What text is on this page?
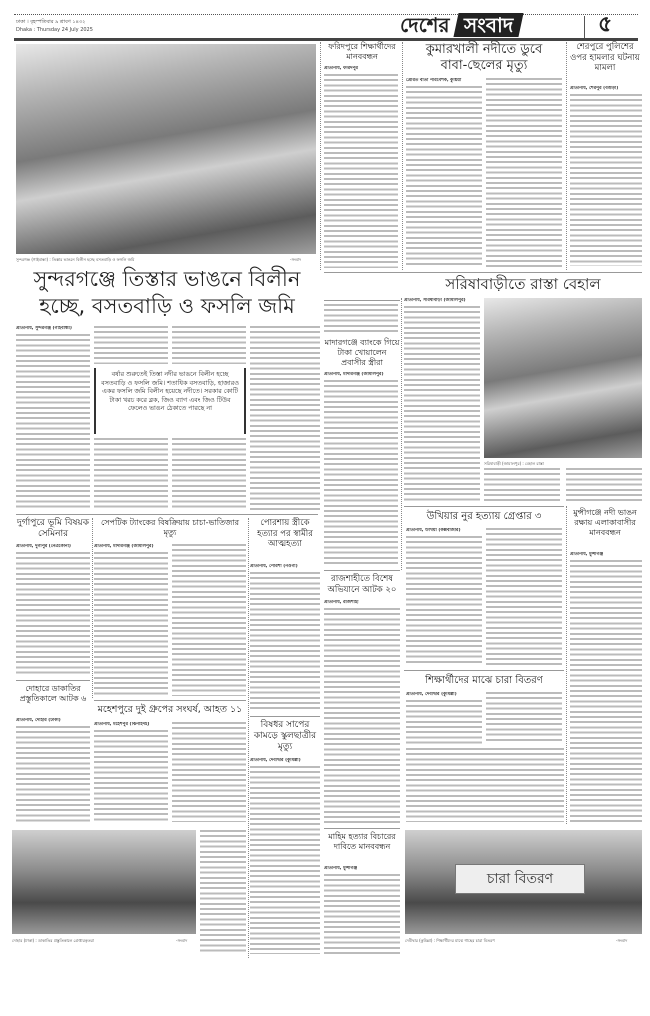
ঢাকা । বৃহস্পতিবার ৯ শ্রাবণ ১৪৩২
Dhaka : Thursday 24 July 2025	দেশের সংবাদ	৫
সুন্দরগঞ্জ (গাইবান্ধা) : তিস্তার ভাঙনে বিলীন হচ্ছে বসতবাড়ি ও ফসলি জমি	-সংবাদ
ফরিদপুরে শিক্ষার্থীদের মানববন্ধন
প্রতিনিধি, ফরিদপুর
কুমারখালী নদীতে ডুবে
বাবা-ছেলের মৃত্যু
প্রেরিত বার্তা পরিবেশক, কুষ্টিয়া
শেরপুরে পুলিশের ওপর হামলার ঘটনায় মামলা
প্রতিনিধি, শেরপুর (বগুড়া)
সুন্দরগঞ্জে তিস্তার ভাঙনে বিলীন
হচ্ছে, বসতবাড়ি ও ফসলি জমি
প্রতিনিধি, সুন্দরগঞ্জ (গাইবান্ধা)
বর্ষার শুরুতেই তিস্তা নদীর ভাঙনে বিলীন হচ্ছে বসতবাড়ি ও ফসলি জমি। শতাধিক বসতবাড়ি, হাজারও একর ফসলি জমি বিলীন হয়েছে নদীতে। সরকার কোটি টাকা খরচ করে ব্লক, জিও ব্যাগ এবং জিও টিউব ফেলেও ভাঙন ঠেকাতে পারছে না
সরিষাবাড়ীতে রাস্তা বেহাল
প্রতিনিধি, সরিষাবাড়ী (জামালপুর)
সরিষাবাড়ী (জামালপুর) : বেহাল রাস্তা
মাদারগঞ্জে ব্যাংকে গিয়ে টাকা খোয়ালেন প্রবাসীর স্ত্রীরা
প্রতিনিধি, মাদারগঞ্জ (জামালপুর)
উখিয়ার নুর হত্যায় গ্রেপ্তার ৩
প্রতিনিধি, উখিয়া (কক্সবাজার)
মুন্সীগঞ্জে নদী ভাঙন রক্ষায় এলাকাবাসীর মানববন্ধন
প্রতিনিধি, মুন্সীগঞ্জ
রাজশাহীতে বিশেষ অভিযানে আটক ২০
প্রতিনিধি, রাজশাহী
দুর্গাপুরে ভূমি বিষয়ক সেমিনার
প্রতিনিধি, দুর্গাপুর (নেত্রকোনা)
সেপটিক ট্যাংকের বিষক্রিয়ায় চাচা-ভাতিজার মৃত্যু
প্রতিনিধি, মাদারগঞ্জ (জামালপুর)
পোরশায় স্ত্রীকে হত্যার পর স্বামীর আত্মহত্যা
প্রতিনিধি, পোরশা (নওগাঁ)
দোহারে ডাকাতির প্রস্তুতিকালে আটক ৬
প্রতিনিধি, দোহার (ঢাকা)
মহেশপুরে দুই গ্রুপের সংঘর্ষ, আহত ১১
প্রতিনিধি, মহেশপুর (ঝিনাইদহ)	বিষধর সাপের কামড়ে স্কুলছাত্রীর মৃত্যু
প্রতিনিধি, দেবীদ্বার (কুমিল্লা)
শিক্ষার্থীদের মাঝে চারা বিতরণ
প্রতিনিধি, দেবীদ্বার (কুমিল্লা)
মাহিম হত্যার বিচারের দাবিতে মানববন্ধন
প্রতিনিধি, মুন্সীগঞ্জ
দোহার (ঢাকা) : ডাকাতির প্রস্তুতিকালে গ্রেপ্তারকৃতরা	-সংবাদ
চারা বিতরণ
দেবীদ্বার (কুমিল্লা) : শিক্ষার্থীদের মাঝে গাছের চারা বিতরণ	-সংবাদ
